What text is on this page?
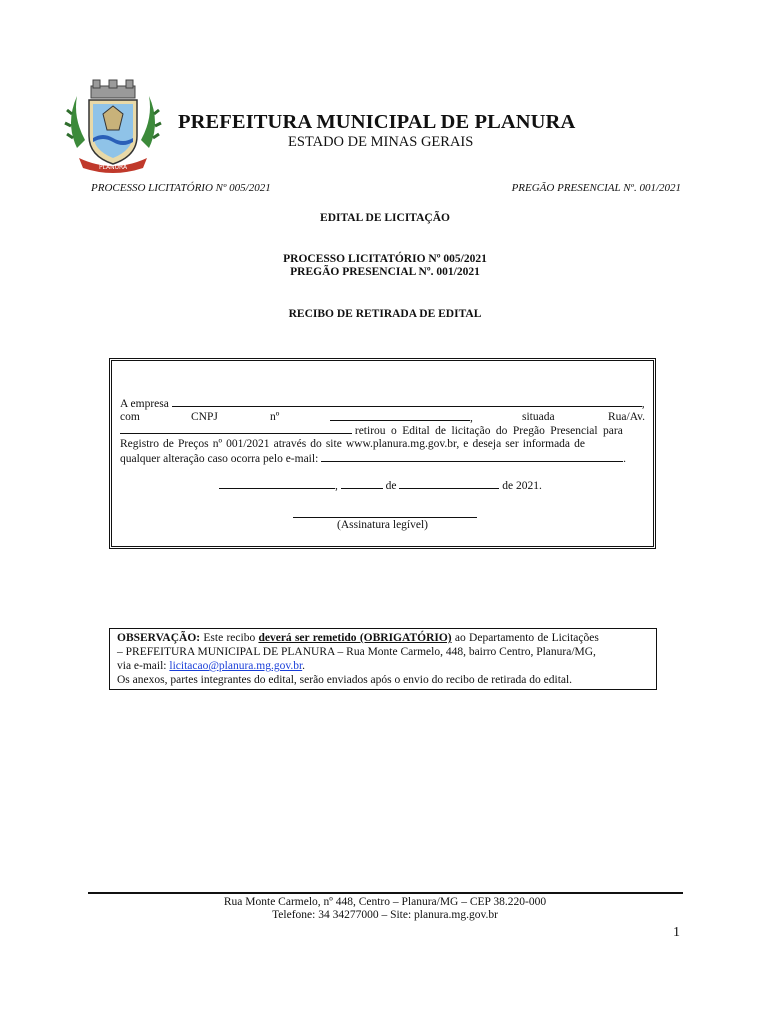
PLANURA
PREFEITURA MUNICIPAL DE PLANURA
ESTADO DE MINAS GERAIS
PROCESSO LICITATÓRIO Nº 005/2021	PREGÃO PRESENCIAL Nº. 001/2021
EDITAL DE LICITAÇÃO
PROCESSO LICITATÓRIO Nº 005/2021
PREGÃO PRESENCIAL Nº. 001/2021
RECIBO DE RETIRADA DE EDITAL
A empresa	,
com	CNPJ	nº	,	situada	Rua/Av.
retirou o Edital de licitação do Pregão Presencial para
Registro de Preços nº 001/2021 através do site www.planura.mg.gov.br, e deseja ser informada de
qualquer alteração caso ocorra pelo e-mail:	.
,	de	de 2021.
(Assinatura legível)
OBSERVAÇÃO: Este recibo deverá ser remetido (OBRIGATÓRIO) ao Departamento de Licitações
– PREFEITURA MUNICIPAL DE PLANURA – Rua Monte Carmelo, 448, bairro Centro, Planura/MG,
via e-mail: licitacao@planura.mg.gov.br.
Os anexos, partes integrantes do edital, serão enviados após o envio do recibo de retirada do edital.
Rua Monte Carmelo, nº 448, Centro – Planura/MG – CEP 38.220-000
Telefone: 34 34277000 – Site: planura.mg.gov.br
1
